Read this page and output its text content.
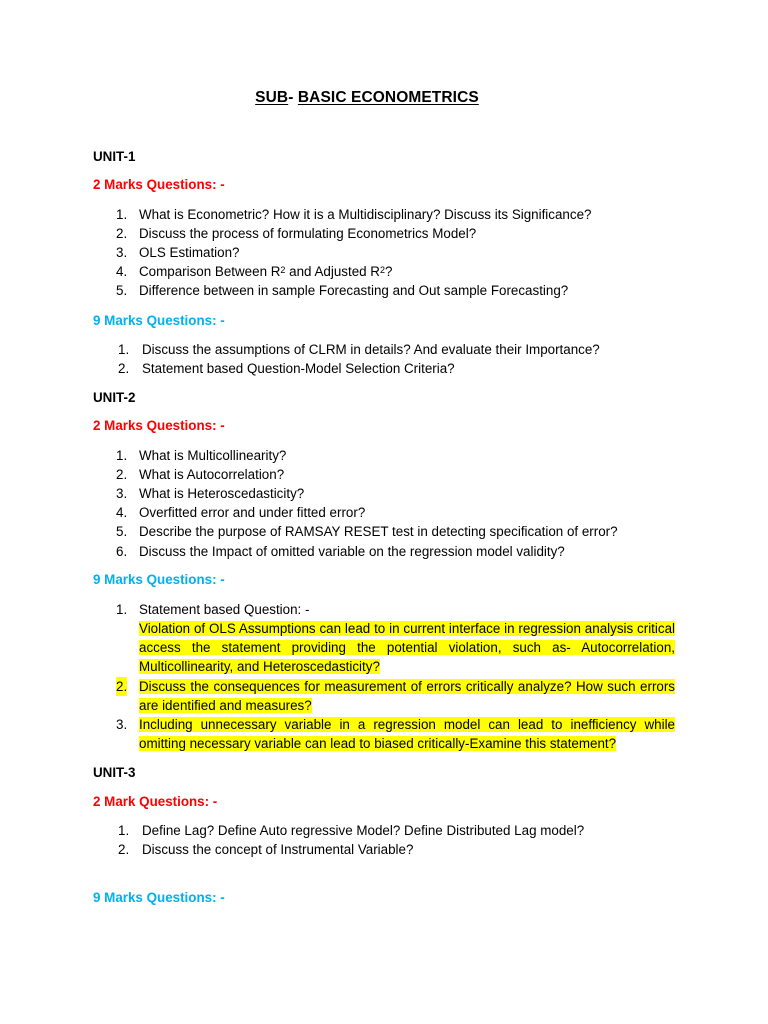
SUB- BASIC ECONOMETRICS
UNIT-1
2 Marks Questions: -
1. What is Econometric? How it is a Multidisciplinary? Discuss its Significance?
2. Discuss the process of formulating Econometrics Model?
3. OLS Estimation?
4. Comparison Between $R^2$ and Adjusted $R^2$?
5. Difference between in sample Forecasting and Out sample Forecasting?
9 Marks Questions: -
1. Discuss the assumptions of CLRM in details? And evaluate their Importance?
2. Statement based Question-Model Selection Criteria?
UNIT-2
2 Marks Questions: -
1. What is Multicollinearity?
2. What is Autocorrelation?
3. What is Heteroscedasticity?
4. Overfitted error and under fitted error?
5. Describe the purpose of RAMSAY RESET test in detecting specification of error?
6. Discuss the Impact of omitted variable on the regression model validity?
9 Marks Questions: -
1. Statement based Question: -
Violation of OLS Assumptions can lead to in current interface in regression analysis critical access the statement providing the potential violation, such as- Autocorrelation, Multicollinearity, and Heteroscedasticity?
2. Discuss the consequences for measurement of errors critically analyze? How such errors are identified and measures?
3. Including unnecessary variable in a regression model can lead to inefficiency while omitting necessary variable can lead to biased critically-Examine this statement?
UNIT-3
2 Mark Questions: -
1. Define Lag? Define Auto regressive Model? Define Distributed Lag model?
2. Discuss the concept of Instrumental Variable?
9 Marks Questions: -
